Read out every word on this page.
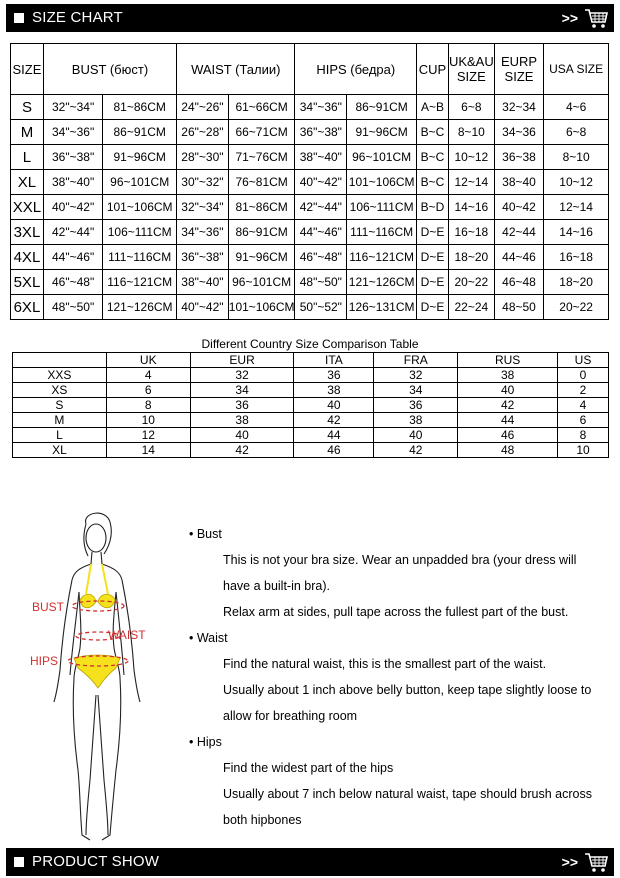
SIZE CHART	>>
SIZE	BUST (бюст)		WAIST (Талии)		HIPS (бедра)		CUP	UK&AU SIZE	EURP SIZE	USA SIZE
S	32"~34"	81~86CM	24"~26"	61~66CM	34"~36"	86~91CM	A~B	6~8	32~34	4~6
M	34"~36"	86~91CM	26"~28"	66~71CM	36"~38"	91~96CM	B~C	8~10	34~36	6~8
L	36"~38"	91~96CM	28"~30"	71~76CM	38"~40"	96~101CM	B~C	10~12	36~38	8~10
XL	38"~40"	96~101CM	30"~32"	76~81CM	40"~42"	101~106CM	B~C	12~14	38~40	10~12
XXL	40"~42"	101~106CM	32"~34"	81~86CM	42"~44"	106~111CM	B~D	14~16	40~42	12~14
3XL	42"~44"	106~111CM	34"~36"	86~91CM	44"~46"	111~116CM	D~E	16~18	42~44	14~16
4XL	44"~46"	111~116CM	36"~38"	91~96CM	46"~48"	116~121CM	D~E	18~20	44~46	16~18
5XL	46"~48"	116~121CM	38"~40"	96~101CM	48"~50"	121~126CM	D~E	20~22	46~48	18~20
6XL	48"~50"	121~126CM	40"~42"	101~106CM	50"~52"	126~131CM	D~E	22~24	48~50	20~22
Different Country Size Comparison Table
	UK	EUR	ITA	FRA	RUS	US
XXS	4	32	36	32	38	0
XS	6	34	38	34	40	2
S	8	36	40	36	42	4
M	10	38	42	38	44	6
L	12	40	44	40	46	8
XL	14	42	46	42	48	10
BUST
WAIST
HIPS
• Bust
This is not your bra size. Wear an unpadded bra (your dress will
have a built-in bra).
Relax arm at sides, pull tape across the fullest part of the bust.
• Waist
Find the natural waist, this is the smallest part of the waist.
Usually about 1 inch above belly button, keep tape slightly loose to
allow for breathing room
• Hips
Find the widest part of the hips
Usually about 7 inch below natural waist, tape should brush across
both hipbones
PRODUCT SHOW	>>
